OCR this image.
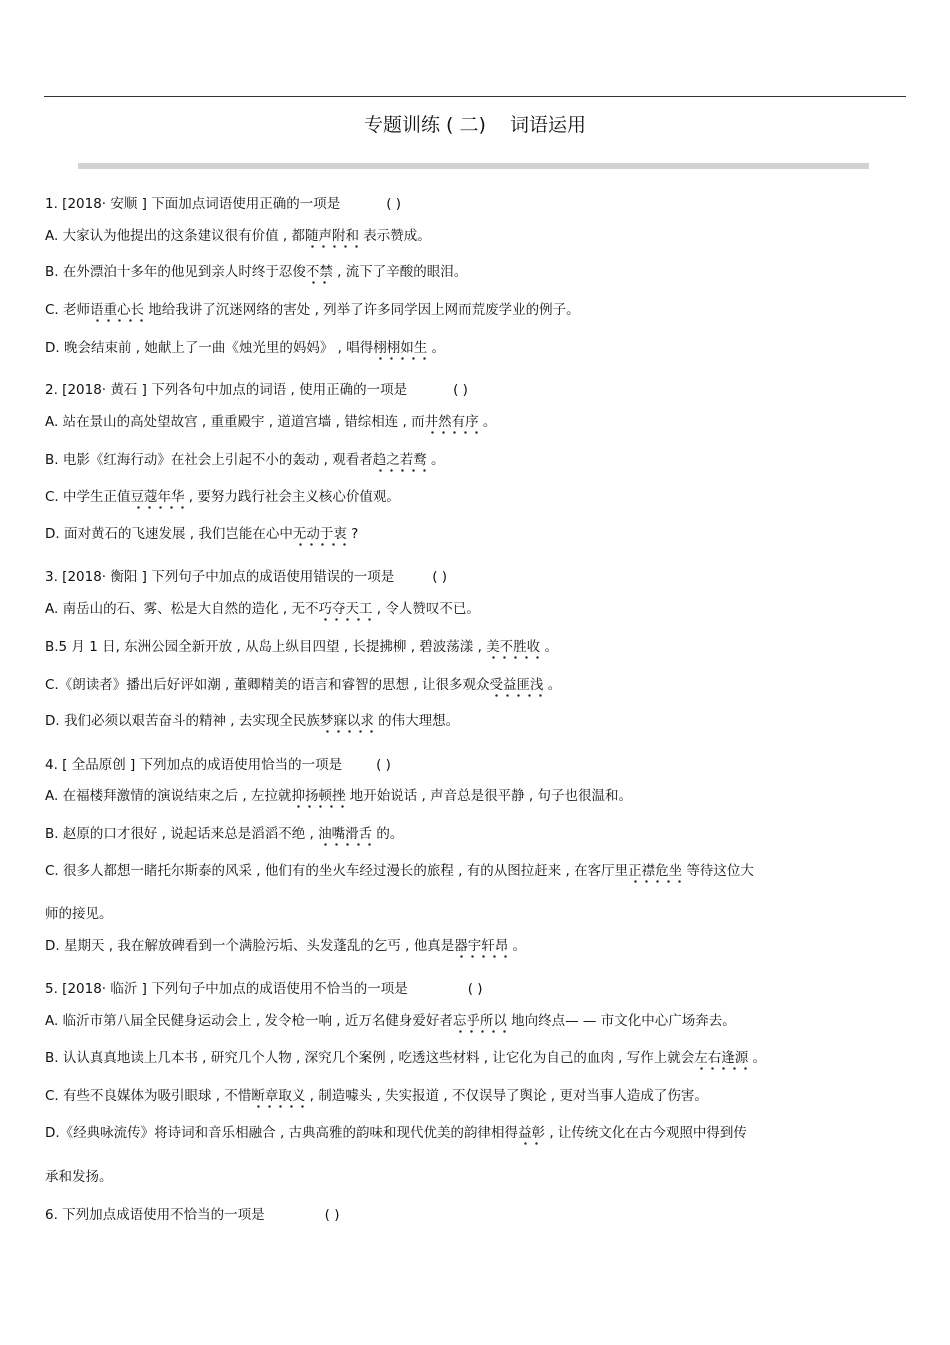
专题训练 ( 二)    词语运用
1. [2018· 安顺 ] 下面加点词语使用正确的一项是	( )
A. 大家认为他提出的这条建议很有价值 , 都随声附和 表示赞成。
B. 在外漂泊十多年的他见到亲人时终于忍俊不禁 , 流下了辛酸的眼泪。
C. 老师语重心长 地给我讲了沉迷网络的害处 , 列举了许多同学因上网而荒废学业的例子。
D. 晚会结束前 , 她献上了一曲《烛光里的妈妈》 , 唱得栩栩如生 。
2. [2018· 黄石 ] 下列各句中加点的词语 , 使用正确的一项是	( )
A. 站在景山的高处望故宫 , 重重殿宇 , 道道宫墙 , 错综相连 , 而井然有序 。
B. 电影《红海行动》在社会上引起不小的轰动 , 观看者趋之若鹜 。
C. 中学生正值豆蔻年华 , 要努力践行社会主义核心价值观。
D. 面对黄石的飞速发展 , 我们岂能在心中无动于衷 ?
3. [2018· 衡阳 ] 下列句子中加点的成语使用错误的一项是	( )
A. 南岳山的石、雾、松是大自然的造化 , 无不巧夺天工 , 令人赞叹不已。
B.5 月 1 日, 东洲公园全新开放 , 从岛上纵目四望 , 长提拂柳 , 碧波荡漾 , 美不胜收 。
C.《朗读者》播出后好评如潮 , 董卿精美的语言和睿智的思想 , 让很多观众受益匪浅 。
D. 我们必须以艰苦奋斗的精神 , 去实现全民族梦寐以求 的伟大理想。
4. [ 全品原创 ] 下列加点的成语使用恰当的一项是	( )
A. 在福楼拜激情的演说结束之后 , 左拉就抑扬顿挫 地开始说话 , 声音总是很平静 , 句子也很温和。
B. 赵原的口才很好 , 说起话来总是滔滔不绝 , 油嘴滑舌 的。
C. 很多人都想一睹托尔斯泰的风采 , 他们有的坐火车经过漫长的旅程 , 有的从图拉赶来 , 在客厅里正襟危坐 等待这位大
师的接见。
D. 星期天 , 我在解放碑看到一个满脸污垢、头发蓬乱的乞丐 , 他真是器宇轩昂 。
5. [2018· 临沂 ] 下列句子中加点的成语使用不恰当的一项是	( )
A. 临沂市第八届全民健身运动会上 , 发令枪一响 , 近万名健身爱好者忘乎所以 地向终点— — 市文化中心广场奔去。
B. 认认真真地读上几本书 , 研究几个人物 , 深究几个案例 , 吃透这些材料 , 让它化为自己的血肉 , 写作上就会左右逢源 。
C. 有些不良媒体为吸引眼球 , 不惜断章取义 , 制造噱头 , 失实报道 , 不仅误导了舆论 , 更对当事人造成了伤害。
D.《经典咏流传》将诗词和音乐相融合 , 古典高雅的韵味和现代优美的韵律相得益彰 , 让传统文化在古今观照中得到传
承和发扬。
6. 下列加点成语使用不恰当的一项是	( )
